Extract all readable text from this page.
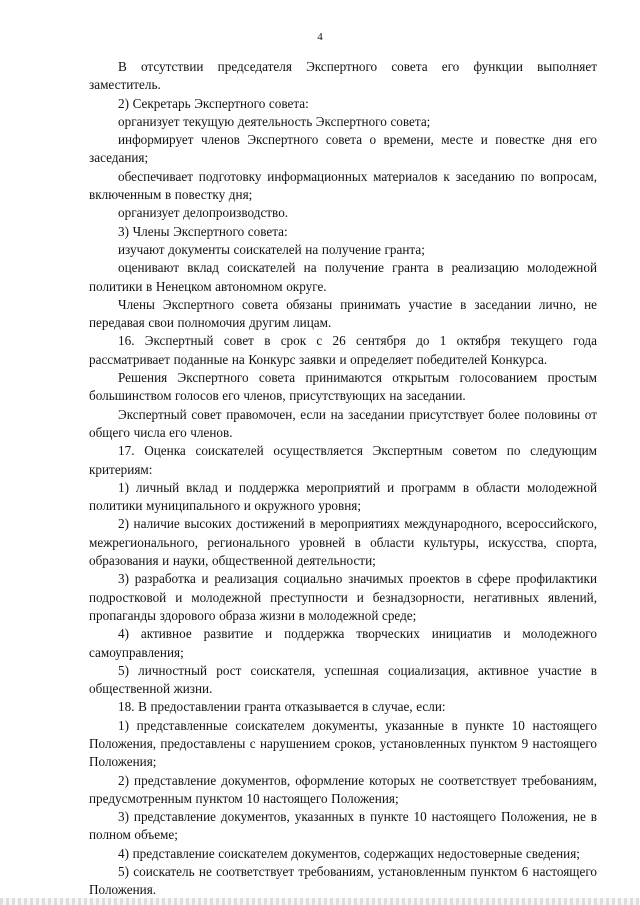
4

В отсутствии председателя Экспертного совета его функции выполняет заместитель.

2) Секретарь Экспертного совета:

организует текущую деятельность Экспертного совета;

информирует членов Экспертного совета о времени, месте и повестке дня его заседания;

обеспечивает подготовку информационных материалов к заседанию по вопросам, включенным в повестку дня;

организует делопроизводство.

3) Члены Экспертного совета:

изучают документы соискателей на получение гранта;

оценивают вклад соискателей на получение гранта в реализацию молодежной политики в Ненецком автономном округе.

Члены Экспертного совета обязаны принимать участие в заседании лично, не передавая свои полномочия другим лицам.

16. Экспертный совет в срок с 26 сентября до 1 октября текущего года рассматривает поданные на Конкурс заявки и определяет победителей Конкурса.

Решения Экспертного совета принимаются открытым голосованием простым большинством голосов его членов, присутствующих на заседании.

Экспертный совет правомочен, если на заседании присутствует более половины от общего числа его членов.

17. Оценка соискателей осуществляется Экспертным советом по следующим критериям:

1) личный вклад и поддержка мероприятий и программ в области молодежной политики муниципального и окружного уровня;

2) наличие высоких достижений в мероприятиях международного, всероссийского, межрегионального, регионального уровней в области культуры, искусства, спорта, образования и науки, общественной деятельности;

3) разработка и реализация социально значимых проектов в сфере профилактики подростковой и молодежной преступности и безнадзорности, негативных явлений, пропаганды здорового образа жизни в молодежной среде;

4) активное развитие и поддержка творческих инициатив и молодежного самоуправления;

5) личностный рост соискателя, успешная социализация, активное участие в общественной жизни.

18. В предоставлении гранта отказывается в случае, если:

1) представленные соискателем документы, указанные в пункте 10 настоящего Положения, предоставлены с нарушением сроков, установленных пунктом 9 настоящего Положения;

2) представление документов, оформление которых не соответствует требованиям, предусмотренным пунктом 10 настоящего Положения;

3) представление документов, указанных в пункте 10 настоящего Положения, не в полном объеме;

4) представление соискателем документов, содержащих недостоверные сведения;

5) соискатель не соответствует требованиям, установленным пунктом 6 настоящего Положения.
